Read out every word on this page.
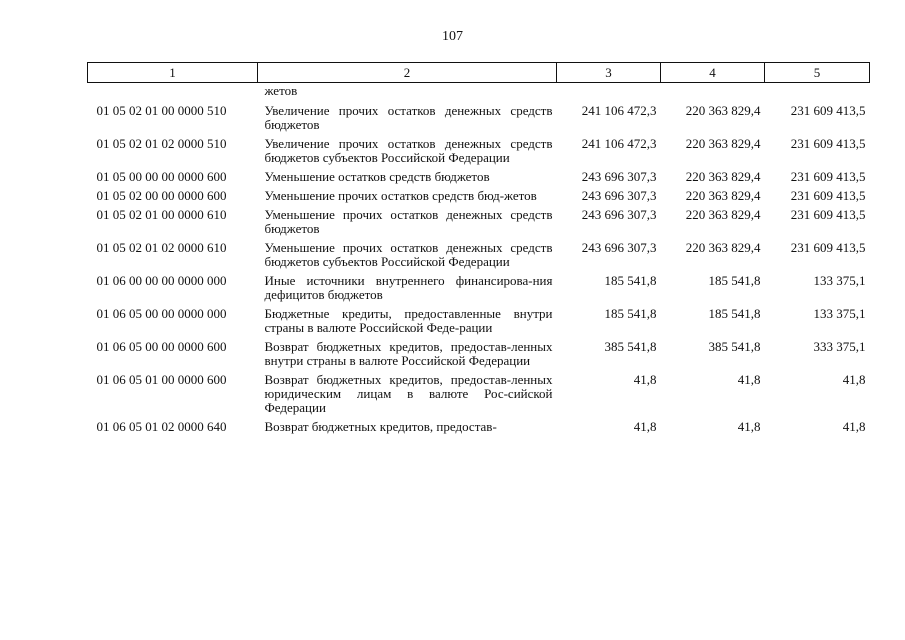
107
1	2	3	4	5
	жетов			
01 05 02 01 00 0000 510	Увеличение прочих остатков денежных средств бюджетов	241 106 472,3	220 363 829,4	231 609 413,5
01 05 02 01 02 0000 510	Увеличение прочих остатков денежных средств бюджетов субъектов Российской Федерации	241 106 472,3	220 363 829,4	231 609 413,5
01 05 00 00 00 0000 600	Уменьшение остатков средств бюджетов	243 696 307,3	220 363 829,4	231 609 413,5
01 05 02 00 00 0000 600	Уменьшение прочих остатков средств бюд-жетов	243 696 307,3	220 363 829,4	231 609 413,5
01 05 02 01 00 0000 610	Уменьшение прочих остатков денежных средств бюджетов	243 696 307,3	220 363 829,4	231 609 413,5
01 05 02 01 02 0000 610	Уменьшение прочих остатков денежных средств бюджетов субъектов Российской Федерации	243 696 307,3	220 363 829,4	231 609 413,5
01 06 00 00 00 0000 000	Иные источники внутреннего финансирова-ния дефицитов бюджетов	185 541,8	185 541,8	133 375,1
01 06 05 00 00 0000 000	Бюджетные кредиты, предоставленные внутри страны в валюте Российской Феде-рации	185 541,8	185 541,8	133 375,1
01 06 05 00 00 0000 600	Возврат бюджетных кредитов, предостав-ленных внутри страны в валюте Российской Федерации	385 541,8	385 541,8	333 375,1
01 06 05 01 00 0000 600	Возврат бюджетных кредитов, предостав-ленных юридическим лицам в валюте Рос-сийской Федерации	41,8	41,8	41,8
01 06 05 01 02 0000 640	Возврат бюджетных кредитов, предостав-	41,8	41,8	41,8
